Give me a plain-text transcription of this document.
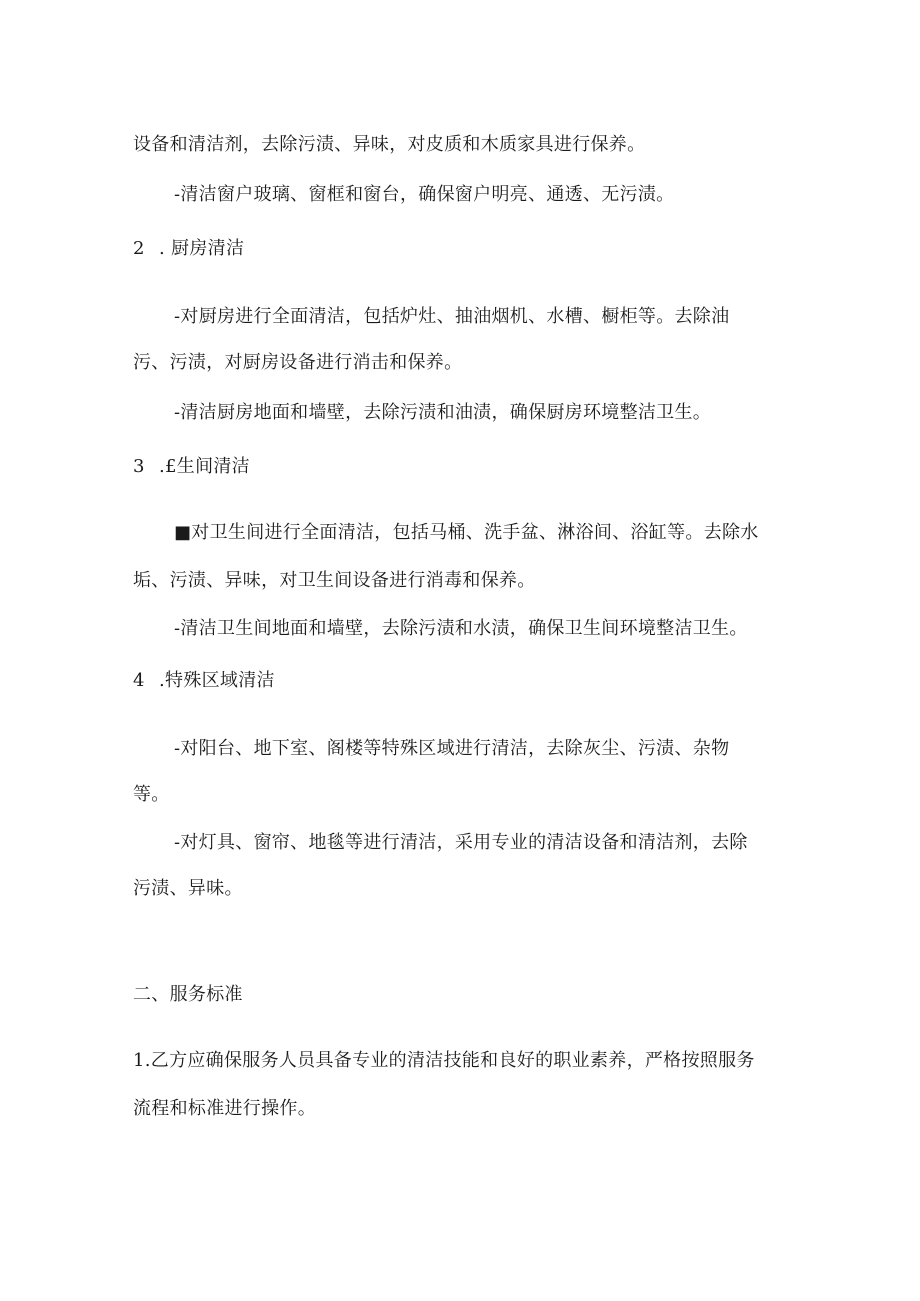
设备和清洁剂，去除污渍、异味，对皮质和木质家具进行保养。
-清洁窗户玻璃、窗框和窗台，确保窗户明亮、通透、无污渍。
2 . 厨房清洁
-对厨房进行全面清洁，包括炉灶、抽油烟机、水槽、橱柜等。去除油
污、污渍，对厨房设备进行消击和保养。
-清洁厨房地面和墙壁，去除污渍和油渍，确保厨房环境整洁卫生。
3 .£生间清洁
■对卫生间进行全面清洁，包括马桶、洗手盆、淋浴间、浴缸等。去除水
垢、污渍、异味，对卫生间设备进行消毒和保养。
-清洁卫生间地面和墙壁，去除污渍和水渍，确保卫生间环境整洁卫生。
4 .特殊区域清洁
-对阳台、地下室、阁楼等特殊区域进行清洁，去除灰尘、污渍、杂物
等。
-对灯具、窗帘、地毯等进行清洁，采用专业的清洁设备和清洁剂，去除
污渍、异味。
二、服务标准
1.乙方应确保服务人员具备专业的清洁技能和良好的职业素养，严格按照服务
流程和标准进行操作。
